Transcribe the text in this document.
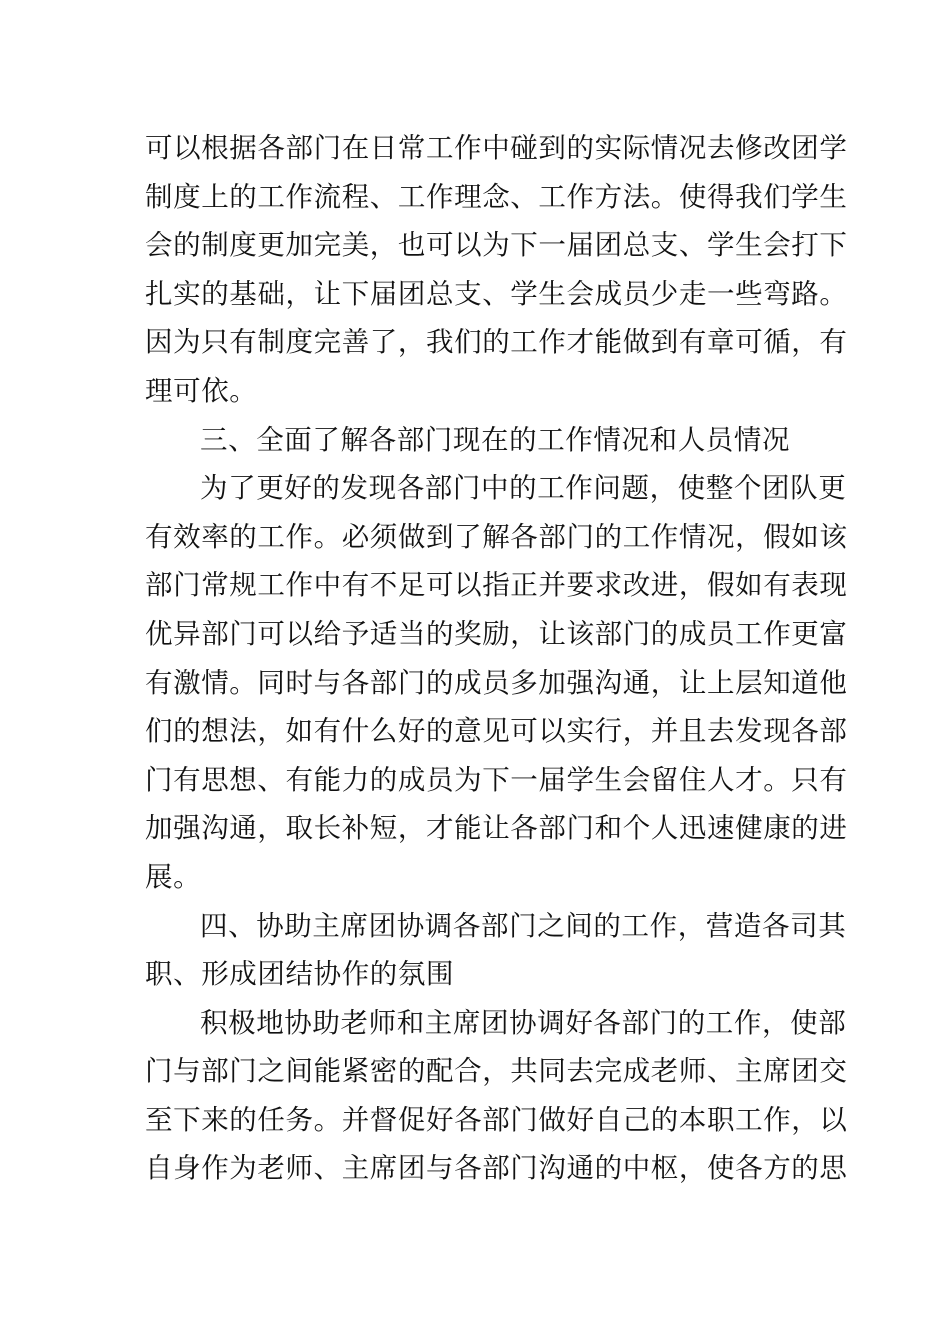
可以根据各部门在日常工作中碰到的实际情况去修改团学
制度上的工作流程、工作理念、工作方法。使得我们学生
会的制度更加完美，也可以为下一届团总支、学生会打下
扎实的基础，让下届团总支、学生会成员少走一些弯路。
因为只有制度完善了，我们的工作才能做到有章可循，有
理可依。
三、全面了解各部门现在的工作情况和人员情况
为了更好的发现各部门中的工作问题，使整个团队更
有效率的工作。必须做到了解各部门的工作情况，假如该
部门常规工作中有不足可以指正并要求改进，假如有表现
优异部门可以给予适当的奖励，让该部门的成员工作更富
有激情。同时与各部门的成员多加强沟通，让上层知道他
们的想法，如有什么好的意见可以实行，并且去发现各部
门有思想、有能力的成员为下一届学生会留住人才。只有
加强沟通，取长补短，才能让各部门和个人迅速健康的进
展。
四、协助主席团协调各部门之间的工作，营造各司其
职、形成团结协作的氛围
积极地协助老师和主席团协调好各部门的工作，使部
门与部门之间能紧密的配合，共同去完成老师、主席团交
至下来的任务。并督促好各部门做好自己的本职工作，以
自身作为老师、主席团与各部门沟通的中枢，使各方的思
